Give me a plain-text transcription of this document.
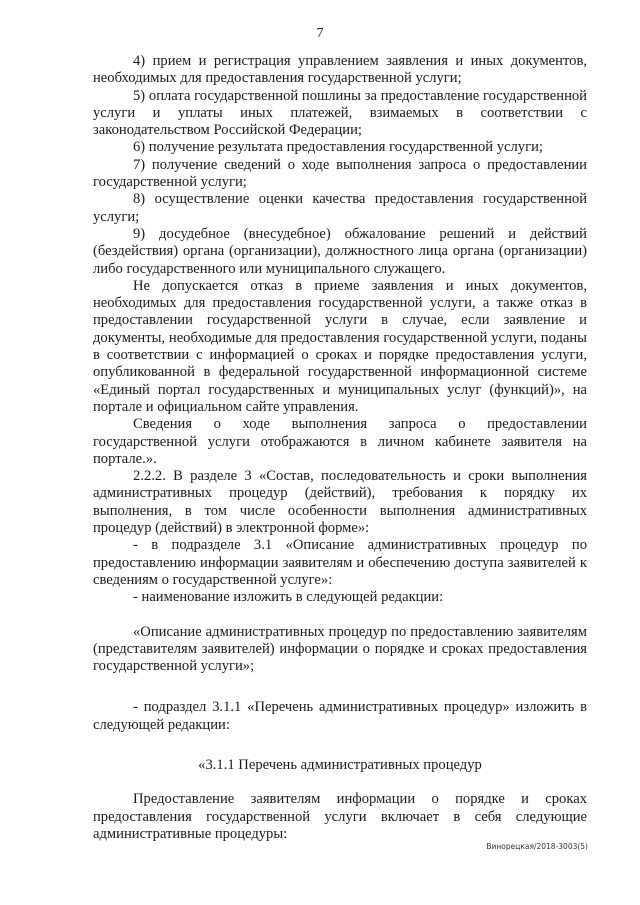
7

4) прием и регистрация управлением заявления и иных документов, необходимых для предоставления государственной услуги;

5) оплата государственной пошлины за предоставление государственной услуги и уплаты иных платежей, взимаемых в соответствии с законодательством Российской Федерации;

6) получение результата предоставления государственной услуги;

7) получение сведений о ходе выполнения запроса о предоставлении государственной услуги;

8) осуществление оценки качества предоставления государственной услуги;

9) досудебное (внесудебное) обжалование решений и действий (бездействия) органа (организации), должностного лица органа (организации) либо государственного или муниципального служащего.

Не допускается отказ в приеме заявления и иных документов, необходимых для предоставления государственной услуги, а также отказ в предоставлении государственной услуги в случае, если заявление и документы, необходимые для предоставления государственной услуги, поданы в соответствии с информацией о сроках и порядке предоставления услуги, опубликованной в федеральной государственной информационной системе «Единый портал государственных и муниципальных услуг (функций)», на портале и официальном сайте управления.

Сведения о ходе выполнения запроса о предоставлении государственной услуги отображаются в личном кабинете заявителя на портале.».

2.2.2. В разделе 3 «Состав, последовательность и сроки выполнения административных процедур (действий), требования к порядку их выполнения, в том числе особенности выполнения административных процедур (действий) в электронной форме»:

- в подразделе 3.1 «Описание административных процедур по предоставлению информации заявителям и обеспечению доступа заявителей к сведениям о государственной услуге»:

- наименование изложить в следующей редакции:

«Описание административных процедур по предоставлению заявителям (представителям заявителей) информации о порядке и сроках предоставления государственной услуги»;

- подраздел 3.1.1 «Перечень административных процедур» изложить в следующей редакции:

«3.1.1 Перечень административных процедур

Предоставление заявителям информации о порядке и сроках предоставления государственной услуги включает в себя следующие административные процедуры:

Винорецкая/2018-3003(5)
